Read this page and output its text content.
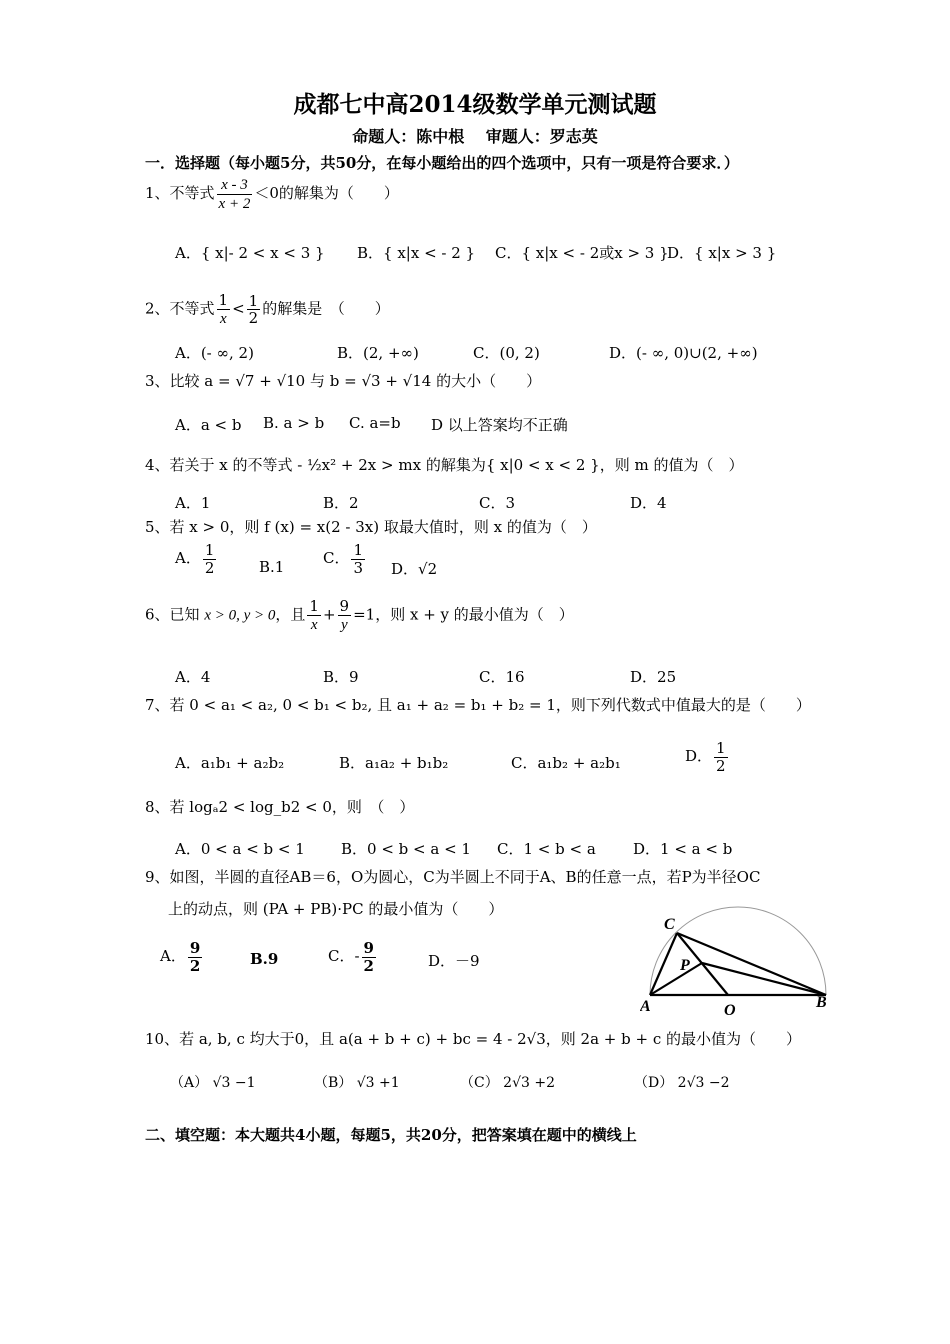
成都七中高2014级数学单元测试题
命题人：陈中根　 审题人：罗志英
一．选择题（每小题5分，共50分，在每小题给出的四个选项中，只有一项是符合要求．）
1、不等式 $\frac{x - 3}{x + 2} <0$的解集为（　　）
A．{ x|- 2 < x < 3 } B．{ x|x < - 2 } C．{ x|x < - 2或x > 3 }
D．{ x|x > 3 }
2、不等式 $\frac{1}{x} < \frac{1}{2}$ 的解集是　（　　）
A．(- ∞, 2)	B．(2, +∞)	C．(0, 2)	D．(- ∞, 0)∪(2, +∞)
3、比较 a = √7 + √10 与 b = √3 + √14 的大小（　　）
A．a < b B. a > b C. a=b D 以上答案均不正确
4、若关于 x 的不等式 - ½x² + 2x > mx 的解集为{ x|0 < x < 2 }，则 m 的值为（　）
A．1	B．2	C．3	D．4
5、若 x > 0，则 f (x) = x(2 - 3x) 取最大值时，则 x 的值为（　）
A． $\frac{1}{2}$	B.1	C． $\frac{1}{3}$ D．√2
6、已知 x > 0, y > 0，且 $\frac{1}{x} + \frac{9}{y} =1$，则 x + y 的最小值为（　）
A．4	B．9	C．16	D．25
7、若 0 < a₁ < a₂, 0 < b₁ < b₂, 且 a₁ + a₂ = b₁ + b₂ = 1，则下列代数式中值最大的是（　　）
A．a₁b₁ + a₂b₂	B．a₁a₂ + b₁b₂	C．a₁b₂ + a₂b₁	D． $\frac{1}{2}$
8、若 logₐ2 < log_b2 < 0，则　（　）
A．0 < a < b < 1 B．0 < b < a < 1 C．1 < b < a D．1 < a < b
9、如图，半圆的直径AB＝6，O为圆心，C为半圆上不同于A、B的任意一点，若P为半径OC
上的动点，则 (PA + PB)·PC 的最小值为（　　）
A． $\frac{9}{2}$	B.9	C．- $\frac{9}{2}$	D．－9
C
P
A	O	B
10、若 a, b, c 均大于0，且 a(a + b + c) + bc = 4 - 2√3，则 2a + b + c 的最小值为（　　）
（A） √3 −1	（B） √3 +1	（C） 2√3 +2	（D） 2√3 −2
二、填空题：本大题共4小题，每题5，共20分，把答案填在题中的横线上
